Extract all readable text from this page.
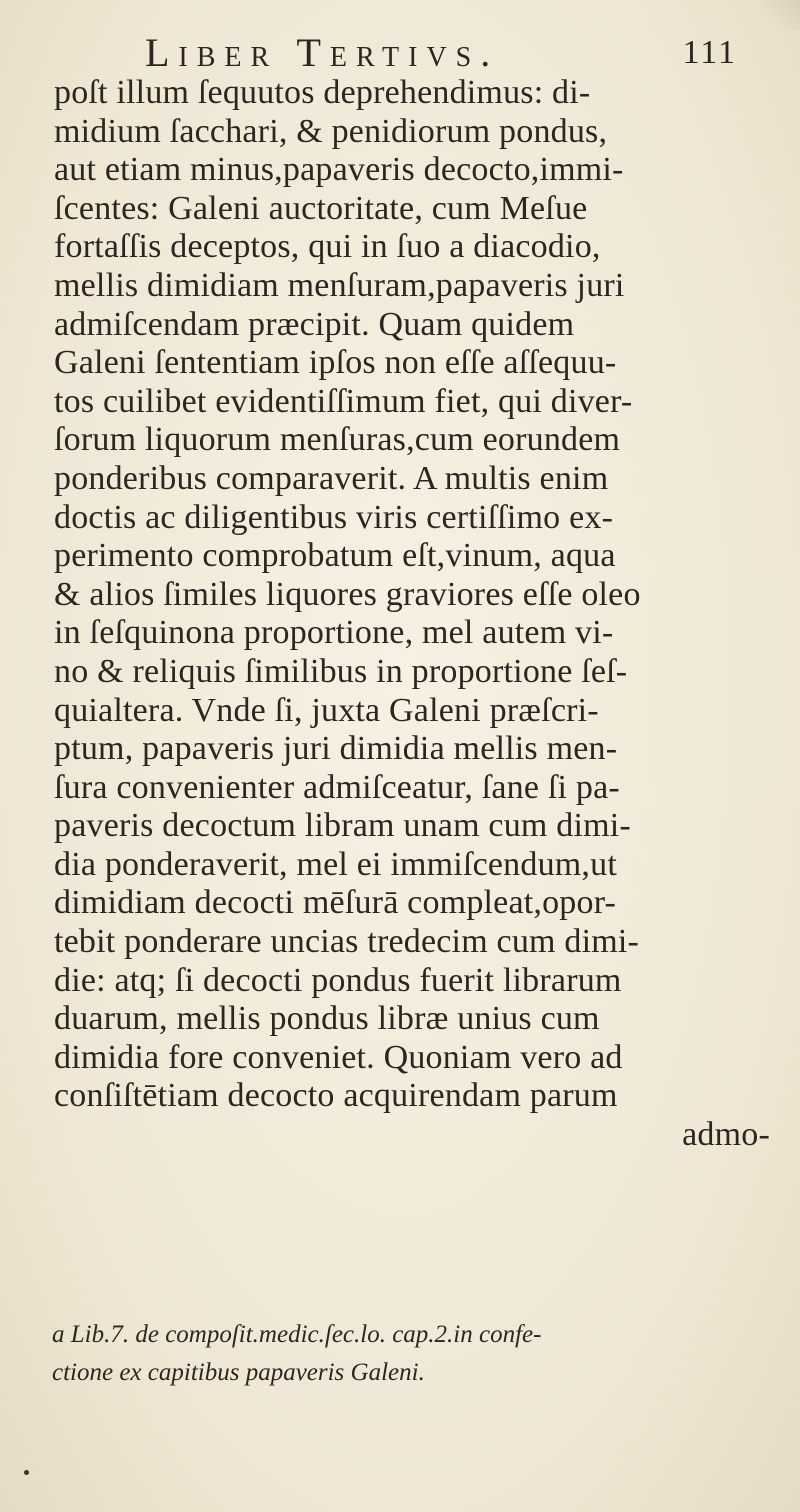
Liber Tertivs.	111
poſt illum ſequutos deprehendimus: di-
midium ſacchari, & penidiorum pondus,
aut etiam minus,papaveris decocto,immi-
ſcentes: Galeni auctoritate, cum Meſue
fortaſſis deceptos, qui in ſuo a diacodio,
mellis dimidiam menſuram,papaveris juri
admiſcendam præcipit. Quam quidem
Galeni ſententiam ipſos non eſſe aſſequu-
tos cuilibet evidentiſſimum fiet, qui diver-
ſorum liquorum menſuras,cum eorundem
ponderibus comparaverit. A multis enim
doctis ac diligentibus viris certiſſimo ex-
perimento comprobatum eſt,vinum, aqua
& alios ſimiles liquores graviores eſſe oleo
in ſeſquinona proportione, mel autem vi-
no & reliquis ſimilibus in proportione ſeſ-
quialtera. Vnde ſi, juxta Galeni præſcri-
ptum, papaveris juri dimidia mellis men-
ſura convenienter admiſceatur, ſane ſi pa-
paveris decoctum libram unam cum dimi-
dia ponderaverit, mel ei immiſcendum,ut
dimidiam decocti mēſurā compleat,opor-
tebit ponderare uncias tredecim cum dimi-
die: atq; ſi decocti pondus fuerit librarum
duarum, mellis pondus libræ unius cum
dimidia fore conveniet. Quoniam vero ad
conſiſtētiam decocto acquirendam parum
admo-
a Lib.7. de compoſit.medic.ſec.lo. cap.2.in confe-
ctione ex capitibus papaveris Galeni.
